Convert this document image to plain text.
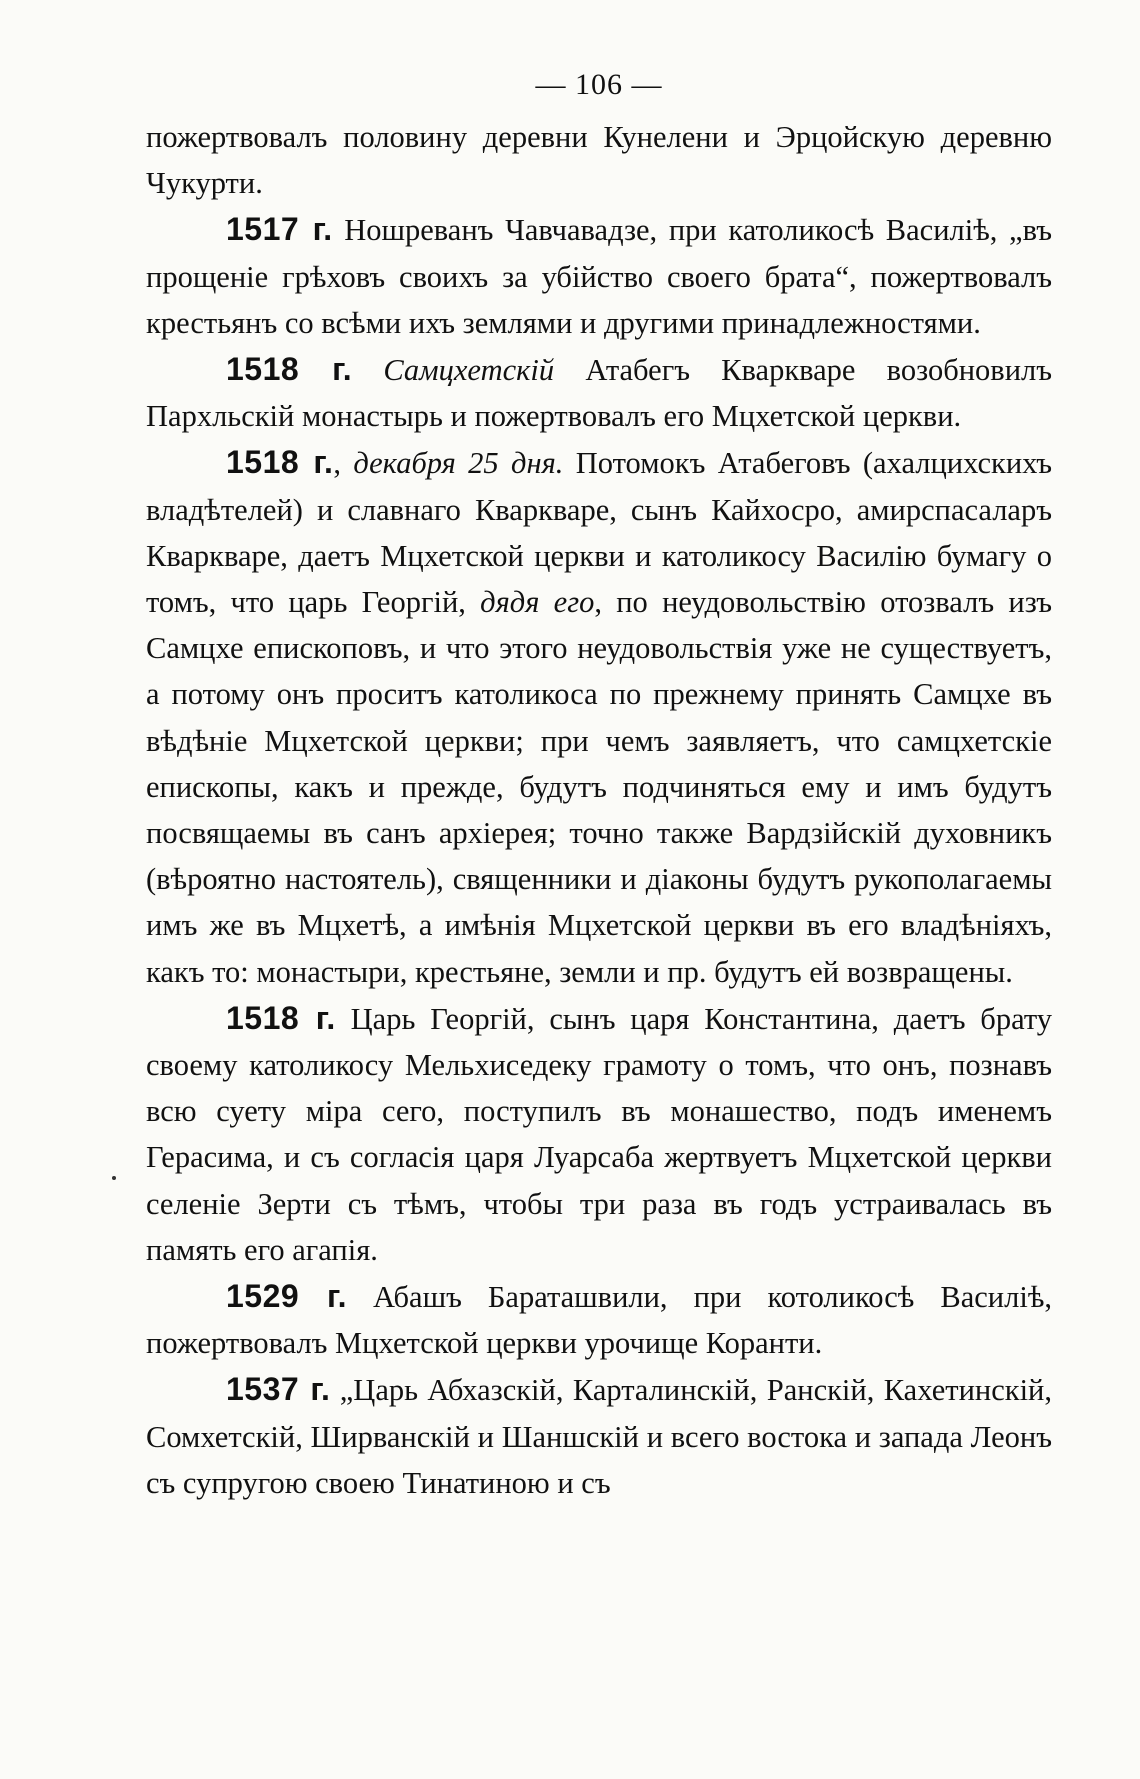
— 106 —

пожертвовалъ половину деревни Кунелени и Эрцойскую деревню Чукурти.

1517 г. Ношреванъ Чавчавадзе, при католикосѣ Василіѣ, „въ прощеніе грѣховъ своихъ за убійство своего брата“, пожертвовалъ крестьянъ со всѣми ихъ землями и другими принадлежностями.

1518 г. Самцхетскій Атабегъ Кваркваре возобновилъ Пархльскій монастырь и пожертвовалъ его Мцхетской церкви.

1518 г., декабря 25 дня. Потомокъ Атабеговъ (ахалцихскихъ владѣтелей) и славнаго Кваркваре, сынъ Кайхосро, амирспасаларъ Кваркваре, даетъ Мцхетской церкви и католикосу Василію бумагу о томъ, что царь Георгій, дядя его, по неудовольствію отозвалъ изъ Самцхе епископовъ, и что этого неудовольствія уже не существуетъ, а потому онъ проситъ католикоса по прежнему принять Самцхе въ вѣдѣніе Мцхетской церкви; при чемъ заявляетъ, что самцхетскіе епископы, какъ и прежде, будутъ подчиняться ему и имъ будутъ посвящаемы въ санъ архіерея; точно также Вардзійскій духовникъ (вѣроятно настоятель), священники и діаконы будутъ рукополагаемы имъ же въ Мцхетѣ, а имѣнія Мцхетской церкви въ его владѣніяхъ, какъ то: монастыри, крестьяне, земли и пр. будутъ ей возвращены.

1518 г. Царь Георгій, сынъ царя Константина, даетъ брату своему католикосу Мельхиседеку грамоту о томъ, что онъ, познавъ всю суету міра сего, поступилъ въ монашество, подъ именемъ Герасима, и съ согласія царя Луарсаба жертвуетъ Мцхетской церкви селеніе Зерти съ тѣмъ, чтобы три раза въ годъ устраивалась въ память его агапія.

1529 г. Абашъ Бараташвили, при котоликосѣ Василіѣ, пожертвовалъ Мцхетской церкви урочище Коранти.

1537 г. „Царь Абхазскій, Карталинскій, Ранскій, Кахетинскій, Сомхетскій, Ширванскій и Шаншскій и всего востока и запада Леонъ съ супругою своею Тинатиною и съ
